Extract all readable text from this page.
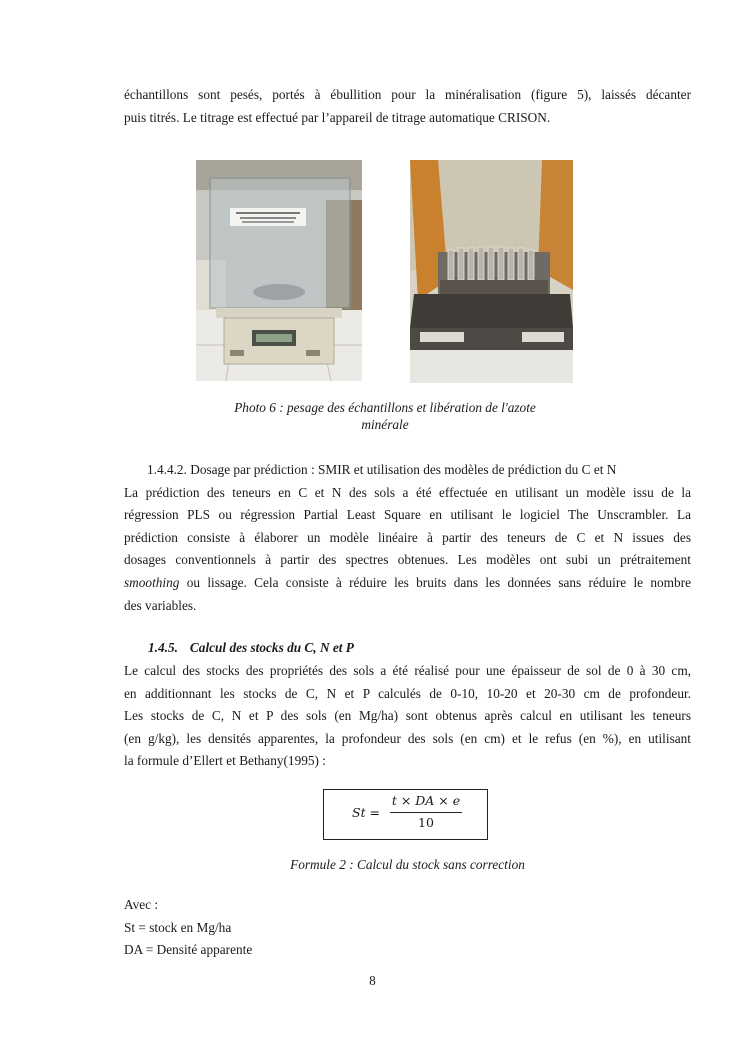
échantillons sont pesés, portés à ébullition pour la minéralisation (figure 5), laissés décanter
puis titrés. Le titrage est effectué par l’appareil de titrage automatique CRISON.
Photo 6 : pesage des échantillons et libération de l'azote
minérale
1.4.4.2. Dosage par prédiction : SMIR et utilisation des modèles de prédiction du C et N
La prédiction des teneurs en C et N des sols a été effectuée en utilisant un modèle issu de la
régression PLS ou régression Partial Least Square en utilisant le logiciel The Unscrambler. La
prédiction consiste à élaborer un modèle linéaire à partir des teneurs de C et N issues des
dosages conventionnels à partir des spectres obtenues. Les modèles ont subi un prétraitement
smoothing ou lissage. Cela consiste à réduire les bruits dans les données sans réduire le nombre
des variables.
1.4.5. Calcul des stocks du C, N et P
Le calcul des stocks des propriétés des sols a été réalisé pour une épaisseur de sol de 0 à 30 cm,
en additionnant les stocks de C, N et P calculés de 0-10, 10-20 et 20-30 cm de profondeur.
Les stocks de C, N et P des sols (en Mg/ha) sont obtenus après calcul en utilisant les teneurs
(en g/kg), les densités apparentes, la profondeur des sols (en cm) et le refus (en %), en utilisant
la formule d’Ellert et Bethany(1995) :
St =
t × DA × e
10
Formule 2 : Calcul du stock sans correction
Avec :
St = stock en Mg/ha
DA = Densité apparente
8
